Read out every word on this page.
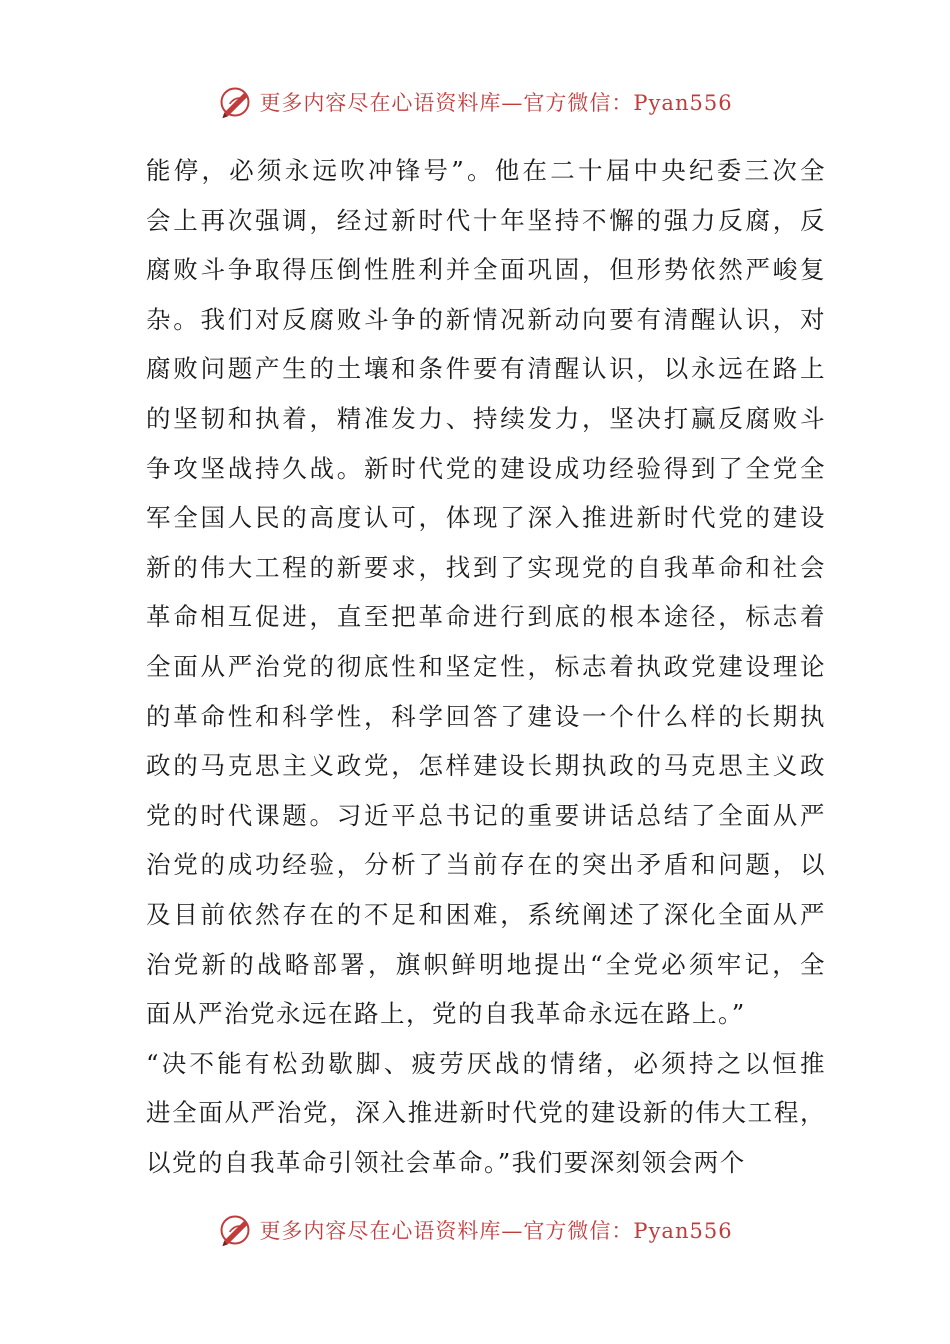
更多内容尽在心语资料库—官方微信：Pyan556
能停，必须永远吹冲锋号”。他在二十届中央纪委三次全
会上再次强调，经过新时代十年坚持不懈的强力反腐，反
腐败斗争取得压倒性胜利并全面巩固，但形势依然严峻复
杂。我们对反腐败斗争的新情况新动向要有清醒认识，对
腐败问题产生的土壤和条件要有清醒认识，以永远在路上
的坚韧和执着，精准发力、持续发力，坚决打赢反腐败斗
争攻坚战持久战。新时代党的建设成功经验得到了全党全
军全国人民的高度认可，体现了深入推进新时代党的建设
新的伟大工程的新要求，找到了实现党的自我革命和社会
革命相互促进，直至把革命进行到底的根本途径，标志着
全面从严治党的彻底性和坚定性，标志着执政党建设理论
的革命性和科学性，科学回答了建设一个什么样的长期执
政的马克思主义政党，怎样建设长期执政的马克思主义政
党的时代课题。习近平总书记的重要讲话总结了全面从严
治党的成功经验，分析了当前存在的突出矛盾和问题，以
及目前依然存在的不足和困难，系统阐述了深化全面从严
治党新的战略部署，旗帜鲜明地提出“全党必须牢记，全
面从严治党永远在路上，党的自我革命永远在路上。”
“决不能有松劲歇脚、疲劳厌战的情绪，必须持之以恒推
进全面从严治党，深入推进新时代党的建设新的伟大工程，
以党的自我革命引领社会革命。”我们要深刻领会两个
更多内容尽在心语资料库—官方微信：Pyan556
